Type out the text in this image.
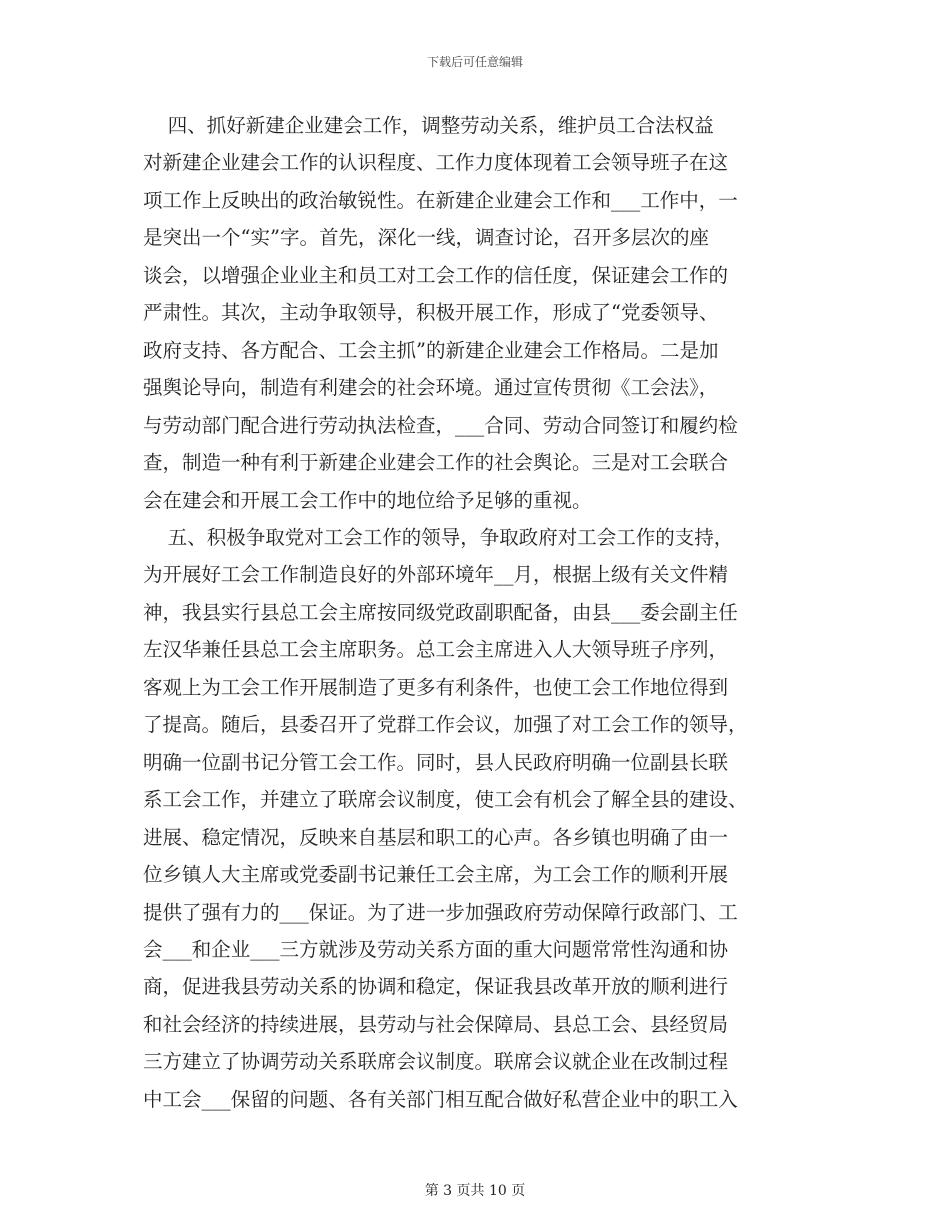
下载后可任意编辑

四、抓好新建企业建会工作，调整劳动关系，维护员工合法权益

对新建企业建会工作的认识程度、工作力度体现着工会领导班子在这

项工作上反映出的政治敏锐性。在新建企业建会工作和___工作中，一

是突出一个“实”字。首先，深化一线，调查讨论，召开多层次的座

谈会，以增强企业业主和员工对工会工作的信任度，保证建会工作的

严肃性。其次，主动争取领导，积极开展工作，形成了“党委领导、

政府支持、各方配合、工会主抓”的新建企业建会工作格局。二是加

强舆论导向，制造有利建会的社会环境。通过宣传贯彻《工会法》，

与劳动部门配合进行劳动执法检查，___合同、劳动合同签订和履约检

查，制造一种有利于新建企业建会工作的社会舆论。三是对工会联合

会在建会和开展工会工作中的地位给予足够的重视。

五、积极争取党对工会工作的领导，争取政府对工会工作的支持，

为开展好工会工作制造良好的外部环境年__月，根据上级有关文件精

神，我县实行县总工会主席按同级党政副职配备，由县___委会副主任

左汉华兼任县总工会主席职务。总工会主席进入人大领导班子序列，

客观上为工会工作开展制造了更多有利条件，也使工会工作地位得到

了提高。随后，县委召开了党群工作会议，加强了对工会工作的领导，

明确一位副书记分管工会工作。同时，县人民政府明确一位副县长联

系工会工作，并建立了联席会议制度，使工会有机会了解全县的建设、

进展、稳定情况，反映来自基层和职工的心声。各乡镇也明确了由一

位乡镇人大主席或党委副书记兼任工会主席，为工会工作的顺利开展

提供了强有力的___保证。为了进一步加强政府劳动保障行政部门、工

会___和企业___三方就涉及劳动关系方面的重大问题常常性沟通和协

商，促进我县劳动关系的协调和稳定，保证我县改革开放的顺利进行

和社会经济的持续进展，县劳动与社会保障局、县总工会、县经贸局

三方建立了协调劳动关系联席会议制度。联席会议就企业在改制过程

中工会___保留的问题、各有关部门相互配合做好私营企业中的职工入

第 3 页共 10 页
